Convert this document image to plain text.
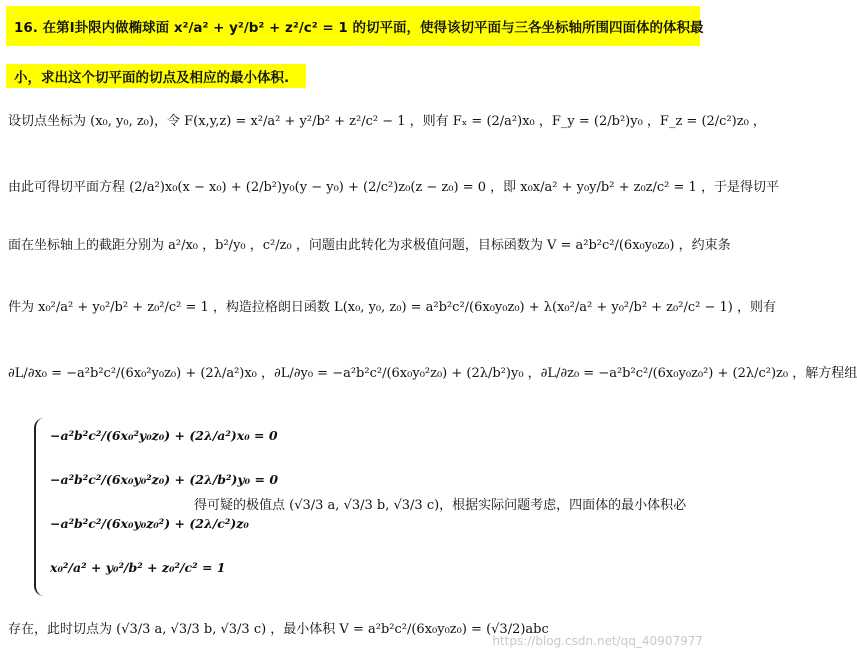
16. 在第I卦限内做椭球面 x²/a² + y²/b² + z²/c² = 1 的切平面，使得该切平面与三各坐标轴所围四面体的体积最
小，求出这个切平面的切点及相应的最小体积.
设切点坐标为 (x₀, y₀, z₀)，令 F(x,y,z) = x²/a² + y²/b² + z²/c² − 1 ，则有 Fₓ = (2/a²)x₀ ，F_y = (2/b²)y₀ ，F_z = (2/c²)z₀ ，
由此可得切平面方程 (2/a²)x₀(x − x₀) + (2/b²)y₀(y − y₀) + (2/c²)z₀(z − z₀) = 0 ，即 x₀x/a² + y₀y/b² + z₀z/c² = 1 ，于是得切平
面在坐标轴上的截距分别为 a²/x₀ ，b²/y₀ ，c²/z₀ ，问题由此转化为求极值问题，目标函数为 V = a²b²c²/(6x₀y₀z₀) ，约束条
件为 x₀²/a² + y₀²/b² + z₀²/c² = 1 ，构造拉格朗日函数 L(x₀, y₀, z₀) = a²b²c²/(6x₀y₀z₀) + λ(x₀²/a² + y₀²/b² + z₀²/c² − 1) ，则有
∂L/∂x₀ = −a²b²c²/(6x₀²y₀z₀) + (2λ/a²)x₀ ，∂L/∂y₀ = −a²b²c²/(6x₀y₀²z₀) + (2λ/b²)y₀ ，∂L/∂z₀ = −a²b²c²/(6x₀y₀z₀²) + (2λ/c²)z₀ ，解方程组
−a²b²c²/(6x₀²y₀z₀) + (2λ/a²)x₀ = 0
−a²b²c²/(6x₀y₀²z₀) + (2λ/b²)y₀ = 0
−a²b²c²/(6x₀y₀z₀²) + (2λ/c²)z₀
x₀²/a² + y₀²/b² + z₀²/c² = 1
得可疑的极值点 (√3/3 a, √3/3 b, √3/3 c)，根据实际问题考虑，四面体的最小体积必
存在，此时切点为 (√3/3 a, √3/3 b, √3/3 c) ，最小体积 V = a²b²c²/(6x₀y₀z₀) = (√3/2)abc
https://blog.csdn.net/qq_40907977
